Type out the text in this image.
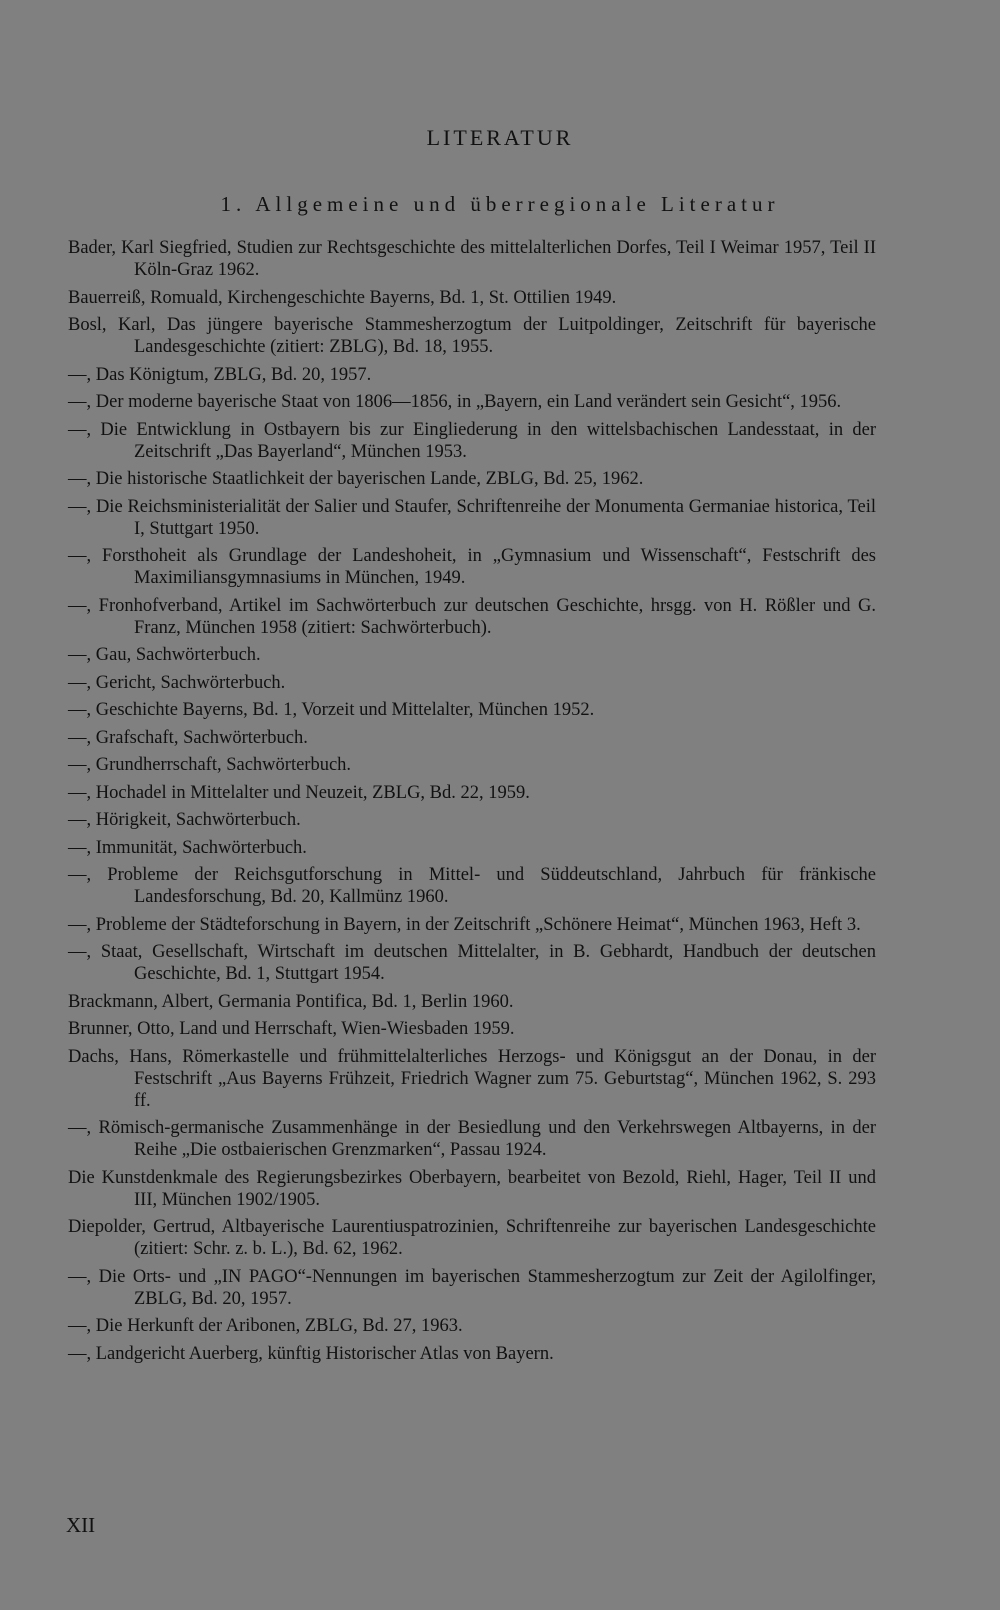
LITERATUR
1. Allgemeine und überregionale Literatur
Bader, Karl Siegfried, Studien zur Rechtsgeschichte des mittelalterlichen Dorfes, Teil I Weimar 1957, Teil II Köln-Graz 1962.
Bauerreiß, Romuald, Kirchengeschichte Bayerns, Bd. 1, St. Ottilien 1949.
Bosl, Karl, Das jüngere bayerische Stammesherzogtum der Luitpoldinger, Zeitschrift für bayerische Landesgeschichte (zitiert: ZBLG), Bd. 18, 1955.
—, Das Königtum, ZBLG, Bd. 20, 1957.
—, Der moderne bayerische Staat von 1806—1856, in „Bayern, ein Land verändert sein Gesicht“, 1956.
—, Die Entwicklung in Ostbayern bis zur Eingliederung in den wittelsbachischen Landesstaat, in der Zeitschrift „Das Bayerland“, München 1953.
—, Die historische Staatlichkeit der bayerischen Lande, ZBLG, Bd. 25, 1962.
—, Die Reichsministerialität der Salier und Staufer, Schriftenreihe der Monumenta Germaniae historica, Teil I, Stuttgart 1950.
—, Forsthoheit als Grundlage der Landeshoheit, in „Gymnasium und Wissenschaft“, Festschrift des Maximiliansgymnasiums in München, 1949.
—, Fronhofverband, Artikel im Sachwörterbuch zur deutschen Geschichte, hrsgg. von H. Rößler und G. Franz, München 1958 (zitiert: Sachwörterbuch).
—, Gau, Sachwörterbuch.
—, Gericht, Sachwörterbuch.
—, Geschichte Bayerns, Bd. 1, Vorzeit und Mittelalter, München 1952.
—, Grafschaft, Sachwörterbuch.
—, Grundherrschaft, Sachwörterbuch.
—, Hochadel in Mittelalter und Neuzeit, ZBLG, Bd. 22, 1959.
—, Hörigkeit, Sachwörterbuch.
—, Immunität, Sachwörterbuch.
—, Probleme der Reichsgutforschung in Mittel- und Süddeutschland, Jahrbuch für fränkische Landesforschung, Bd. 20, Kallmünz 1960.
—, Probleme der Städteforschung in Bayern, in der Zeitschrift „Schönere Heimat“, München 1963, Heft 3.
—, Staat, Gesellschaft, Wirtschaft im deutschen Mittelalter, in B. Gebhardt, Handbuch der deutschen Geschichte, Bd. 1, Stuttgart 1954.
Brackmann, Albert, Germania Pontifica, Bd. 1, Berlin 1960.
Brunner, Otto, Land und Herrschaft, Wien-Wiesbaden 1959.
Dachs, Hans, Römerkastelle und frühmittelalterliches Herzogs- und Königsgut an der Donau, in der Festschrift „Aus Bayerns Frühzeit, Friedrich Wagner zum 75. Geburtstag“, München 1962, S. 293 ff.
—, Römisch-germanische Zusammenhänge in der Besiedlung und den Verkehrswegen Altbayerns, in der Reihe „Die ostbaierischen Grenzmarken“, Passau 1924.
Die Kunstdenkmale des Regierungsbezirkes Oberbayern, bearbeitet von Bezold, Riehl, Hager, Teil II und III, München 1902/1905.
Diepolder, Gertrud, Altbayerische Laurentiuspatrozinien, Schriftenreihe zur bayerischen Landesgeschichte (zitiert: Schr. z. b. L.), Bd. 62, 1962.
—, Die Orts- und „IN PAGO“-Nennungen im bayerischen Stammesherzogtum zur Zeit der Agilolfinger, ZBLG, Bd. 20, 1957.
—, Die Herkunft der Aribonen, ZBLG, Bd. 27, 1963.
—, Landgericht Auerberg, künftig Historischer Atlas von Bayern.
XII
